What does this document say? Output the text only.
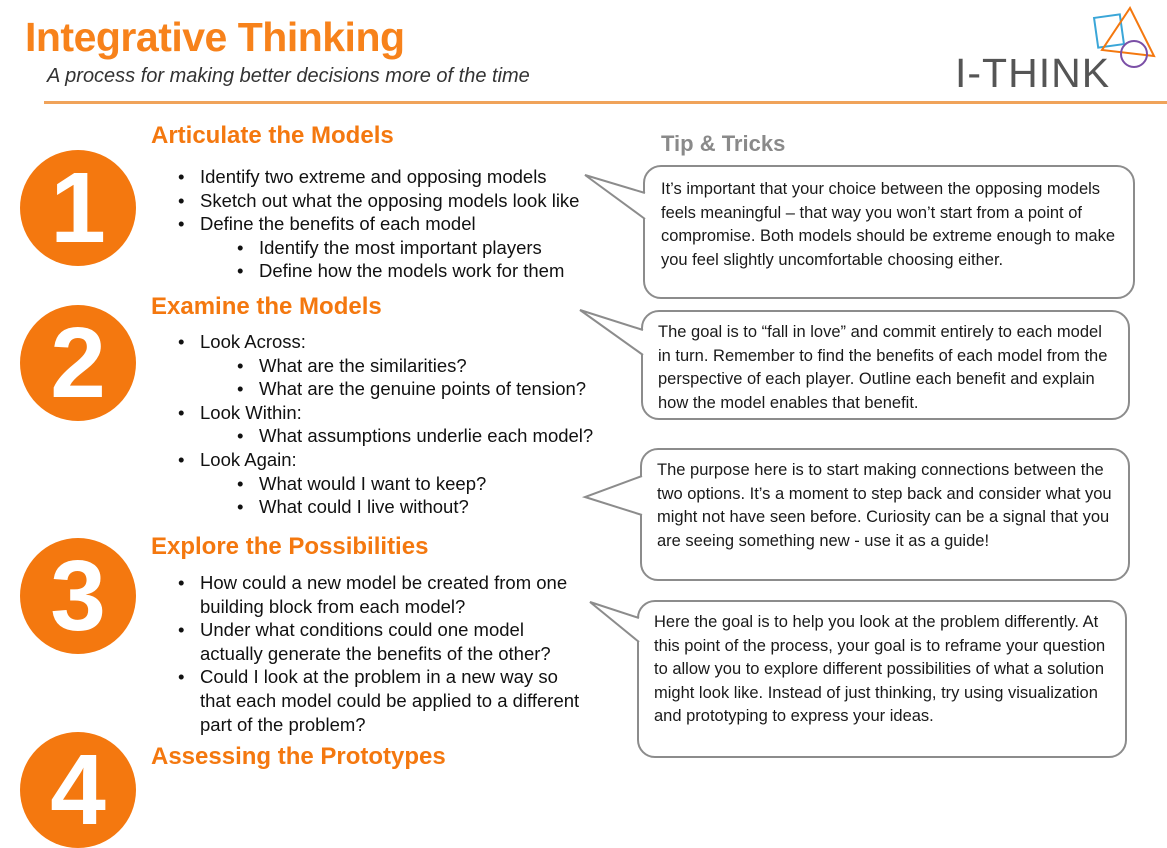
Integrative Thinking
A process for making better decisions more of the time	I-THINK
1
2
3
4
Articulate the Models
Examine the Models
Explore the Possibilities
Assessing the Prototypes
• Identify two extreme and opposing models
• Sketch out what the opposing models look like
• Define the benefits of each model
• Identify the most important players
• Define how the models work for them
• Look Across:
• What are the similarities?
• What are the genuine points of tension?
• Look Within:
• What assumptions underlie each model?
• Look Again:
• What would I want to keep?
• What could I live without?
• How could a new model be created from one
building block from each model?
• Under what conditions could one model
actually generate the benefits of the other?
• Could I look at the problem in a new way so
that each model could be applied to a different
part of the problem?
Tip & Tricks

It’s important that your choice between the opposing models feels meaningful – that way you won’t start from a point of compromise. Both models should be extreme enough to make you feel slightly uncomfortable choosing either.

The goal is to “fall in love” and commit entirely to each model in turn. Remember to find the benefits of each model from the perspective of each player. Outline each benefit and explain how the model enables that benefit.

The purpose here is to start making connections between the two options. It’s a moment to step back and consider what you might not have seen before. Curiosity can be a signal that you are seeing something new - use it as a guide!

Here the goal is to help you look at the problem differently. At this point of the process, your goal is to reframe your question to allow you to explore different possibilities of what a solution might look like. Instead of just thinking, try using visualization and prototyping to express your ideas.
